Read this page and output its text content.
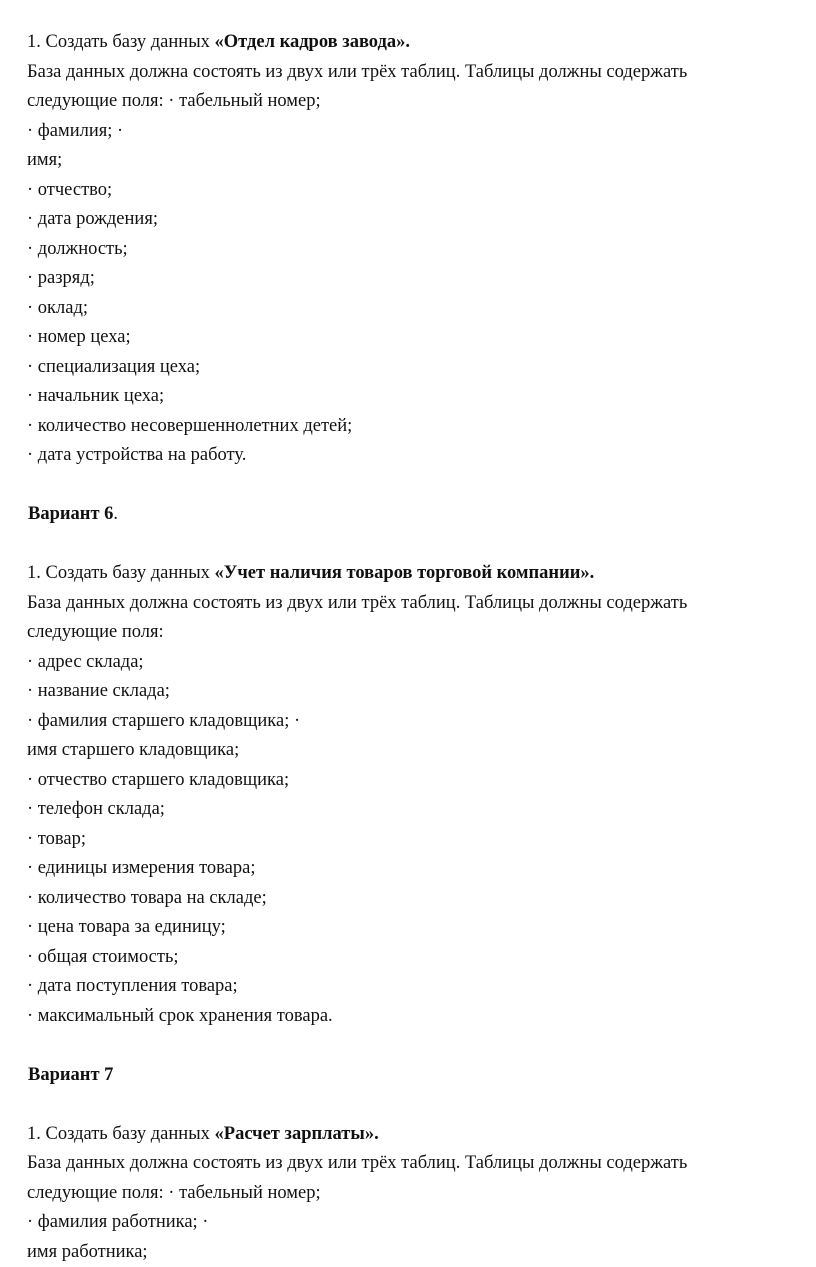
1. Создать базу данных «Отдел кадров завода».
База данных должна состоять из двух или трёх таблиц. Таблицы должны содержать
следующие поля: · табельный номер;
· фамилия; ·
имя;
· отчество;
· дата рождения;
· должность;
· разряд;
· оклад;
· номер цеха;
· специализация цеха;
· начальник цеха;
· количество несовершеннолетних детей;
· дата устройства на работу.
Вариант 6.
1. Создать базу данных «Учет наличия товаров торговой компании».
База данных должна состоять из двух или трёх таблиц. Таблицы должны содержать
следующие поля:
· адрес склада;
· название склада;
· фамилия старшего кладовщика; ·
имя старшего кладовщика;
· отчество старшего кладовщика;
· телефон склада;
· товар;
· единицы измерения товара;
· количество товара на складе;
· цена товара за единицу;
· общая стоимость;
· дата поступления товара;
· максимальный срок хранения товара.
Вариант 7
1. Создать базу данных «Расчет зарплаты».
База данных должна состоять из двух или трёх таблиц. Таблицы должны содержать
следующие поля: · табельный номер;
· фамилия работника; ·
имя работника;
